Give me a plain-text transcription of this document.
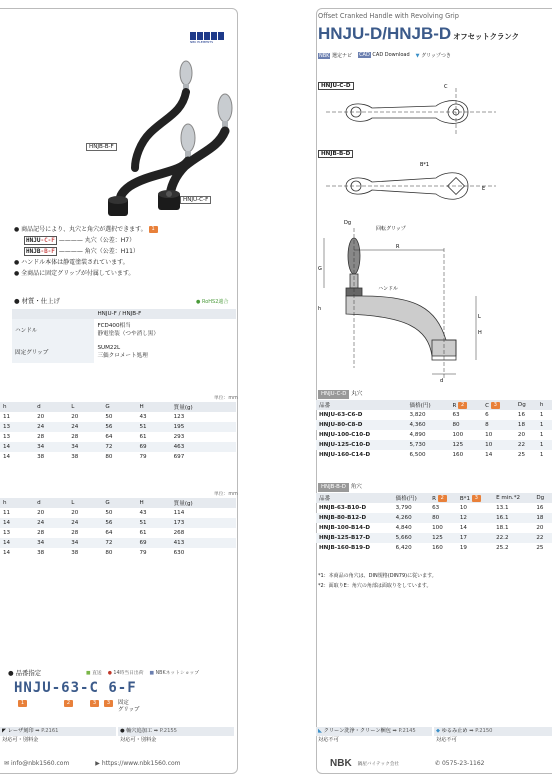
NBK ELEMENTS
HNJB-B-F
HNJU-C-F
● 商品記号により、丸穴と角穴が選択できます。 1
HNJU-C-F ———— 丸穴（公差：H7）
HNJB-B-F ———— 角穴（公差：H11）
● ハンドル本体は静電塗装されています。
● 全商品に固定グリップが付属しています。
● 材質・仕上げ	● RoHS2適合
	HNJU-F / HNJB-F
ハンドル	FCD400相当
静電塗装（つや消し黒）

固定グリップ	SUM22L
三価クロメート処理
単位：mm
h	d	L	G	H	質量(g)
11	20	20	50	43	123
13	24	24	56	51	195
13	28	28	64	61	293
14	34	34	72	69	463
14	38	38	80	79	697
単位：mm
h	d	L	G	H	質量(g)
11	20	20	50	43	114
14	24	24	56	51	173
13	28	28	64	61	268
14	34	34	72	69	413
14	38	38	80	79	630
● 品番指定	■ 直送 ● 14時当日出荷 ■ NBKネットショップ
HNJU-63-C 6-F
1	2	3	3	固定
グリップ
◤ レーザ刻印 ➡ P.2161
対応可・別料金
● 軸穴追加工 ➡ P.2155
対応可・別料金
✉ info@nbk1560.com	▶ https://www.nbk1560.com
Offset Cranked Handle with Revolving Grip
HNJU-D/HNJB-D オフセットクランク
NBK 選定ナビ CAD CAD Download ▼ グリップつき
HNJU-C-D
HNJB-B-D
C
B*1
E
Dg
回転グリップ
R
G
ハンドル
h
L
H
d
HNJU-C-D 丸穴
品番	価格(円)	R 2	C 3	Dg	h
HNJU-63-C6-D	3,820	63	6	16	1
HNJU-80-C8-D	4,360	80	8	18	1
HNJU-100-C10-D	4,890	100	10	20	1
HNJU-125-C10-D	5,730	125	10	22	1
HNJU-160-C14-D	6,500	160	14	25	1
HNJB-B-D 角穴
品番	価格(円)	R 2	B*1 3	E min.*2	Dg
HNJB-63-B10-D	3,790	63	10	13.1	16
HNJB-80-B12-D	4,260	80	12	16.1	18
HNJB-100-B14-D	4,840	100	14	18.1	20
HNJB-125-B17-D	5,660	125	17	22.2	22
HNJB-160-B19-D	6,420	160	19	25.2	25
*1：本商品の角穴は、DIN規格(DIN79)に従います。
*2：面取りE：角穴の角部は面取りをしています。
◣ クリーン洗浄・クリーン梱包 ➡ P.2145
対応不可
◆ ゆるみ止め ➡ P.2150
対応不可
NBK 鍋屋バイテック会社	✆ 0575-23-1162
